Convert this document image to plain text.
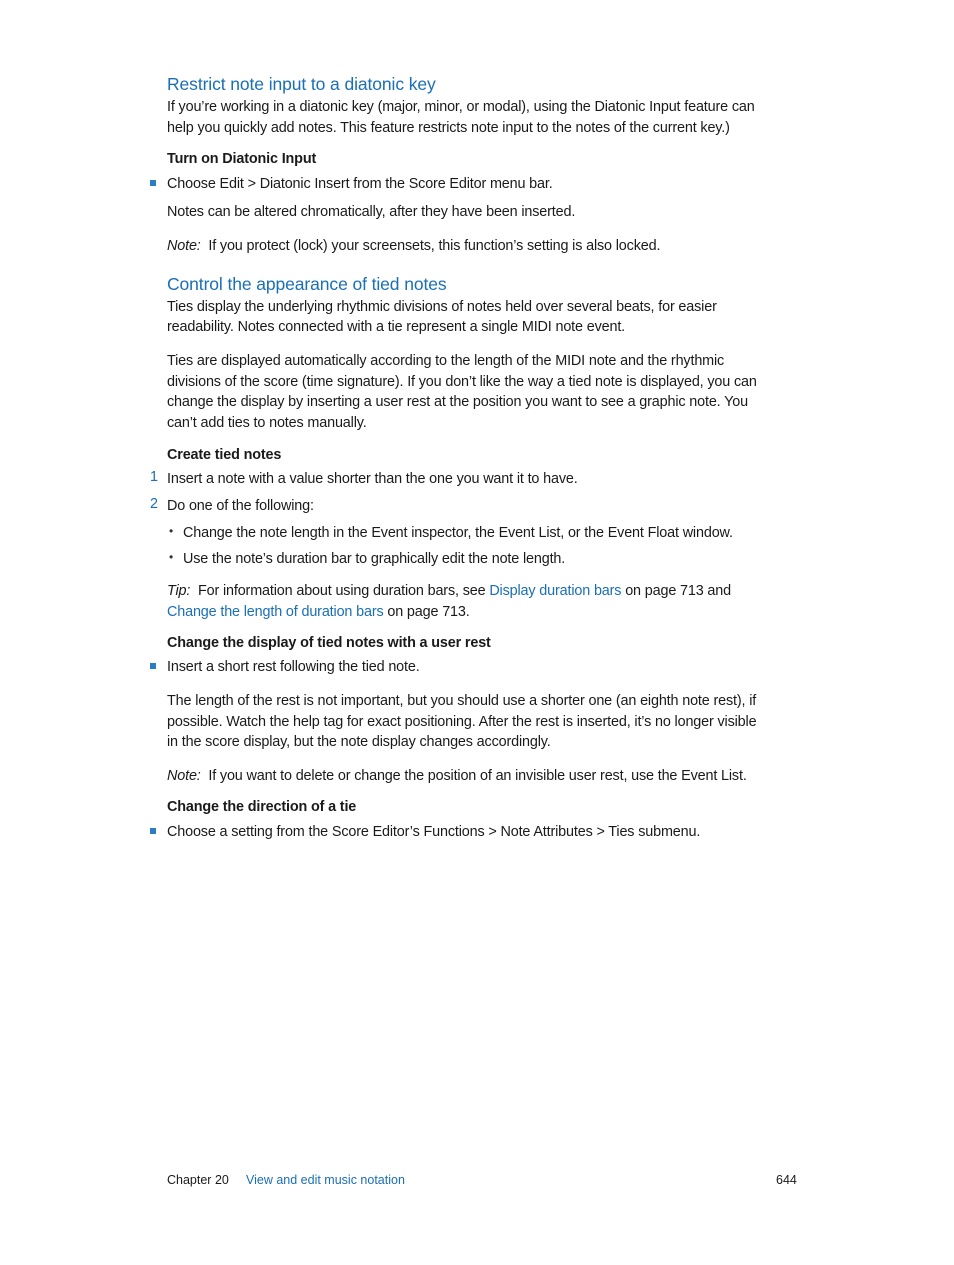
Restrict note input to a diatonic key

If you’re working in a diatonic key (major, minor, or modal), using the Diatonic Input feature can

help you quickly add notes. This feature restricts note input to the notes of the current key.)

Turn on Diatonic Input

Choose Edit > Diatonic Insert from the Score Editor menu bar.

Notes can be altered chromatically, after they have been inserted.

Note: If you protect (lock) your screensets, this function’s setting is also locked.

Control the appearance of tied notes

Ties display the underlying rhythmic divisions of notes held over several beats, for easier

readability. Notes connected with a tie represent a single MIDI note event.

Ties are displayed automatically according to the length of the MIDI note and the rhythmic

divisions of the score (time signature). If you don’t like the way a tied note is displayed, you can

change the display by inserting a user rest at the position you want to see a graphic note. You

can’t add ties to notes manually.

Create tied notes

1 Insert a note with a value shorter than the one you want it to have.

2 Do one of the following:

• Change the note length in the Event inspector, the Event List, or the Event Float window.

• Use the note’s duration bar to graphically edit the note length.

Tip: For information about using duration bars, see Display duration bars on page 713 and
Change the length of duration bars on page 713.

Change the display of tied notes with a user rest

Insert a short rest following the tied note.

The length of the rest is not important, but you should use a shorter one (an eighth note rest), if

possible. Watch the help tag for exact positioning. After the rest is inserted, it’s no longer visible

in the score display, but the note display changes accordingly.

Note: If you want to delete or change the position of an invisible user rest, use the Event List.

Change the direction of a tie

Choose a setting from the Score Editor’s Functions > Note Attributes > Ties submenu.

Chapter 20 View and edit music notation	644
